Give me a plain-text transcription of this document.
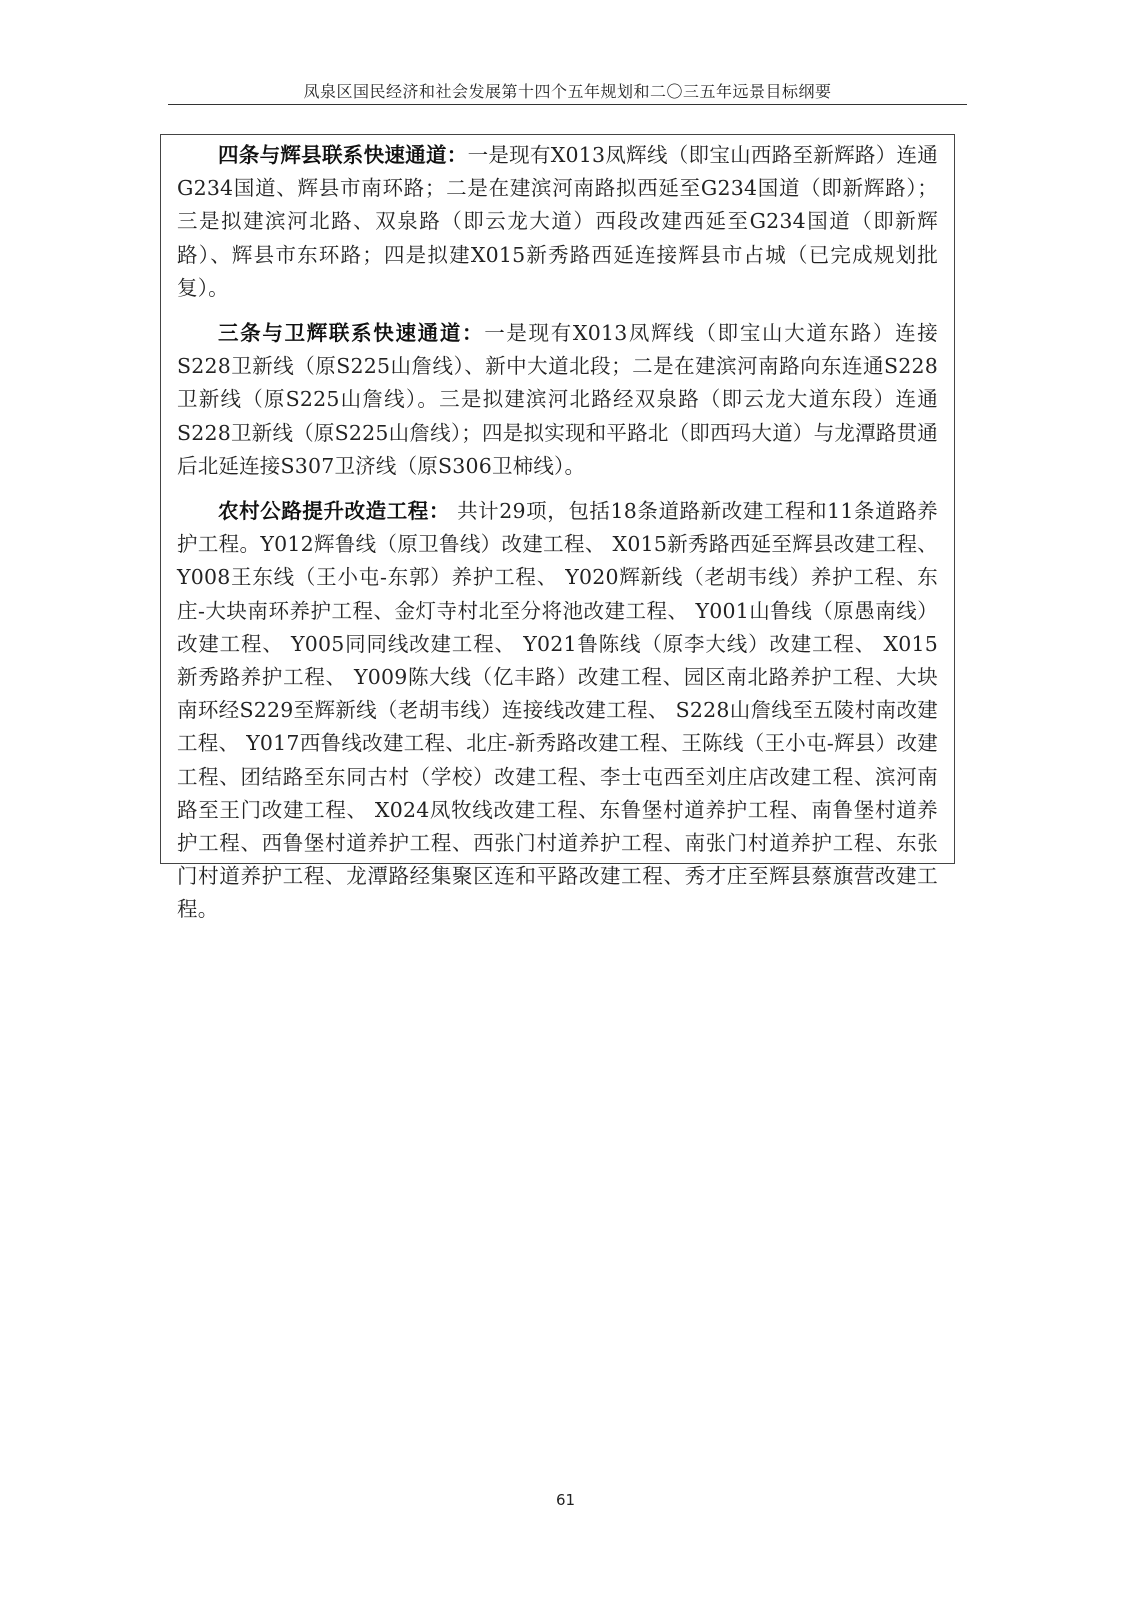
凤泉区国民经济和社会发展第十四个五年规划和二〇三五年远景目标纲要

四条与辉县联系快速通道：一是现有X013凤辉线（即宝山西路至新辉路）连通G234国道、辉县市南环路；二是在建滨河南路拟西延至G234国道（即新辉路）；三是拟建滨河北路、双泉路（即云龙大道）西段改建西延至G234国道（即新辉路）、辉县市东环路；四是拟建X015新秀路西延连接辉县市占城（已完成规划批复）。

三条与卫辉联系快速通道：一是现有X013凤辉线（即宝山大道东路）连接S228卫新线（原S225山詹线）、新中大道北段；二是在建滨河南路向东连通S228卫新线（原S225山詹线）。三是拟建滨河北路经双泉路（即云龙大道东段）连通S228卫新线（原S225山詹线）；四是拟实现和平路北（即西玛大道）与龙潭路贯通后北延连接S307卫济线（原S306卫柿线）。

农村公路提升改造工程： 共计29项，包括18条道路新改建工程和11条道路养护工程。Y012辉鲁线（原卫鲁线）改建工程、 X015新秀路西延至辉县改建工程、 Y008王东线（王小屯-东郭）养护工程、 Y020辉新线（老胡韦线）养护工程、东庄-大块南环养护工程、金灯寺村北至分将池改建工程、 Y001山鲁线（原愚南线）改建工程、 Y005同同线改建工程、 Y021鲁陈线（原李大线）改建工程、 X015新秀路养护工程、 Y009陈大线（亿丰路）改建工程、园区南北路养护工程、大块南环经S229至辉新线（老胡韦线）连接线改建工程、 S228山詹线至五陵村南改建工程、 Y017西鲁线改建工程、北庄-新秀路改建工程、王陈线（王小屯-辉县）改建工程、团结路至东同古村（学校）改建工程、李士屯西至刘庄店改建工程、滨河南路至王门改建工程、 X024凤牧线改建工程、东鲁堡村道养护工程、南鲁堡村道养护工程、西鲁堡村道养护工程、西张门村道养护工程、南张门村道养护工程、东张门村道养护工程、龙潭路经集聚区连和平路改建工程、秀才庄至辉县蔡旗营改建工程。

61
